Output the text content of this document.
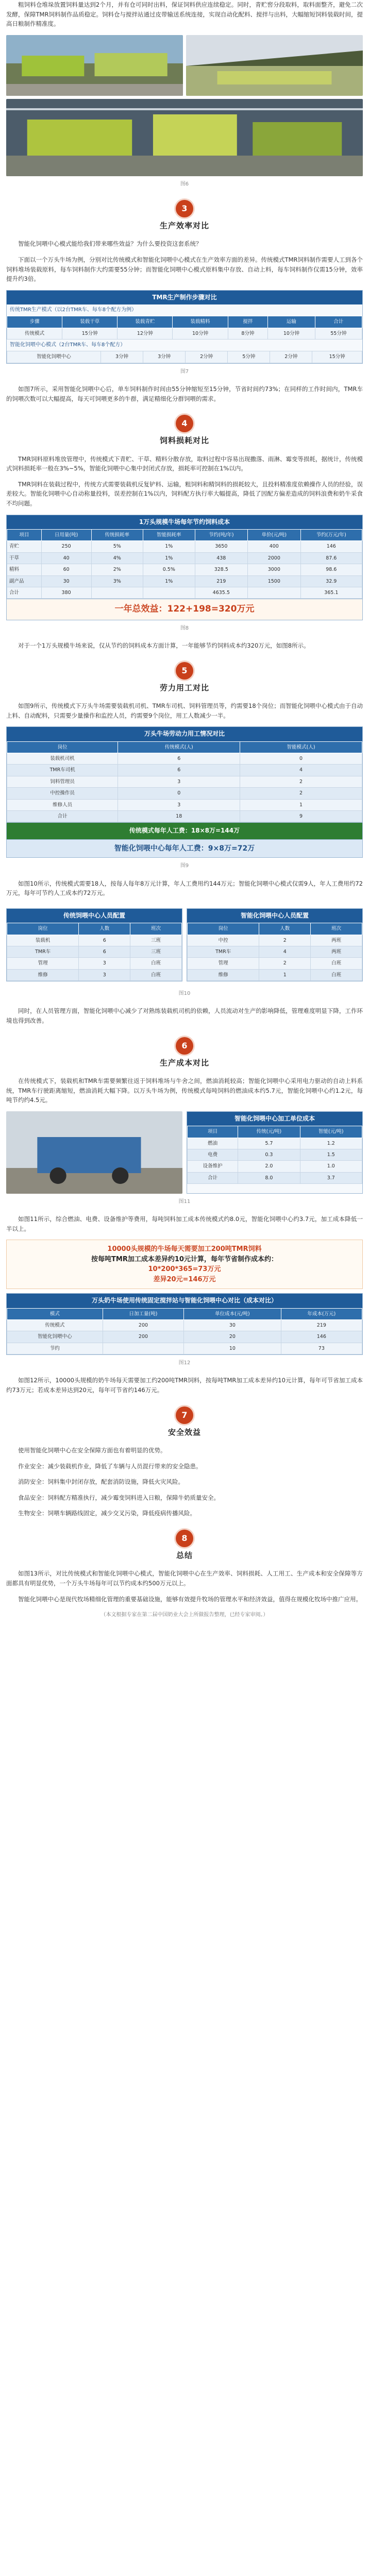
粗饲料仓堆垛放置饲料量达到2个月，并有仓可同时出料，保证饲料供应连续稳定。同时，青贮窖分段取料，取料面整齐，避免二次发酵，保障TMR饲料制作品质稳定。饲料仓与搅拌站通过皮带输送系统连接，实现自动化配料、搅拌与出料，大幅缩短饲料装载时间，提高日粮制作精准度。

图6
3
生产效率对比

智能化饲喂中心模式能给我们带来哪些效益？为什么要投资这套系统？

下面以一个万头牛场为例，分别对比传统模式和智能化饲喂中心模式在生产效率方面的差异。传统模式TMR饲料制作需要人工到各个饲料堆场装载原料，每车饲料制作大约需要55分钟；而智能化饲喂中心模式原料集中存放、自动上料，每车饲料制作仅需15分钟，效率提升约3倍。

TMR生产制作步骤对比
传统TMR生产模式（以2台TMR车、每车8个配方为例）
步骤	装载干草	装载青贮	装载精料	搅拌	运输	合计
传统模式	15分钟	12分钟	10分钟	8分钟	10分钟	55分钟
智能化饲喂中心模式（2台TMR车、每车8个配方）
智能化饲喂中心	3分钟	3分钟	2分钟	5分钟	2分钟	15分钟
图7

如图7所示，采用智能化饲喂中心后，单车饲料制作时间由55分钟缩短至15分钟，节省时间约73%；在同样的工作时间内，TMR车的饲喂次数可以大幅提高，每天可饲喂更多的牛群，满足精细化分群饲喂的需求。

4
饲料损耗对比

TMR饲料原料堆放管理中，传统模式下青贮、干草、精料分散存放，取料过程中容易出现撒落、雨淋、霉变等损耗，据统计，传统模式饲料损耗率一般在3%~5%，智能化饲喂中心集中封闭式存放，损耗率可控制在1%以内。

TMR饲料在装载过程中，传统方式需要装载机反复铲料、运输，粗饲料和精饲料的损耗较大，且投料精准度依赖操作人员的经验，误差较大。智能化饲喂中心自动称量投料，误差控制在1%以内，饲料配方执行率大幅提高，降低了因配方偏差造成的饲料浪费和奶牛采食不均问题。

1万头规模牛场每年节约饲料成本
项目	日用量(吨)	传统损耗率	智能损耗率	节约(吨/年)	单价(元/吨)	节约(万元/年)
青贮	250	5%	1%	3650	400	146
干草	40	4%	1%	438	2000	87.6
精料	60	2%	0.5%	328.5	3000	98.6
副产品	30	3%	1%	219	1500	32.9
合计	380			4635.5		365.1
一年总效益：122+198=320万元
图8

对于一个1万头规模牛场来说，仅从节约的饲料成本方面计算，一年能够节约饲料成本约320万元，如图8所示。

5
劳力用工对比

如图9所示，传统模式下万头牛场需要装载机司机、TMR车司机、饲料管理员等，约需要18个岗位；而智能化饲喂中心模式由于自动上料、自动配料，只需要少量操作和监控人员，约需要9个岗位，用工人数减少一半。

万头牛场劳动力用工情况对比
岗位	传统模式(人)	智能模式(人)
装载机司机	6	0
TMR车司机	6	4
饲料管理员	3	2
中控操作员	0	2
维修人员	3	1
合计	18	9
传统模式每年人工费：18×8万=144万
智能化饲喂中心每年人工费：9×8万=72万
图9

如图10所示，传统模式需要18人，按每人每年8万元计算，年人工费用约144万元；智能化饲喂中心模式仅需9人，年人工费用约72万元，每年可节约人工成本约72万元。

传统饲喂中心人员配置
岗位	人数	班次
装载机	6	三班
TMR车	6	三班
管理	3	白班
维修	3	白班
智能化饲喂中心人员配置
岗位	人数	班次
中控	2	两班
TMR车	4	两班
管理	2	白班
维修	1	白班
图10

同时，在人员管理方面，智能化饲喂中心减少了对熟练装载机司机的依赖，人员流动对生产的影响降低，管理难度明显下降，工作环境也得到改善。

6
生产成本对比

在传统模式下，装载机和TMR车需要频繁往返于饲料堆场与牛舍之间，燃油消耗较高；智能化饲喂中心采用电力驱动的自动上料系统，TMR车行驶距离缩短，燃油消耗大幅下降。以万头牛场为例，传统模式每吨饲料的燃油成本约5.7元，智能化饲喂中心约1.2元，每吨节约约4.5元。

智能化饲喂中心加工单位成本
项目	传统(元/吨)	智能(元/吨)
燃油	5.7	1.2
电费	0.3	1.5
设备维护	2.0	1.0
合计	8.0	3.7
图11

如图11所示，综合燃油、电费、设备维护等费用，每吨饲料加工成本传统模式约8.0元，智能化饲喂中心约3.7元，加工成本降低一半以上。

10000头规模的牛场每天需要加工200吨TMR饲料
按每吨TMR加工成本差异约10元计算，每年节省制作成本约：
10*200*365=73万元
差异20元=146万元
万头奶牛场使用传统固定搅拌站与智能化饲喂中心对比（成本对比）
模式	日加工量(吨)	单位成本(元/吨)	年成本(万元)
传统模式	200	30	219
智能化饲喂中心	200	20	146
节约		10	73
图12

如图12所示，10000头规模的奶牛场每天需要加工约200吨TMR饲料，按每吨TMR加工成本差异约10元计算，每年可节省加工成本约73万元；若成本差异达到20元，每年可节省约146万元。

7
安全效益

使用智能化饲喂中心在安全保障方面也有着明显的优势。

作业安全：减少装载机作业，降低了车辆与人员混行带来的安全隐患。

消防安全：饲料集中封闭存放，配套消防设施，降低火灾风险。

食品安全：饲料配方精准执行，减少霉变饲料进入日粮，保障牛奶质量安全。

生物安全：饲喂车辆路线固定，减少交叉污染，降低疫病传播风险。

8
总结

如图13所示，对比传统模式和智能化饲喂中心模式，智能化饲喂中心在生产效率、饲料损耗、人工用工、生产成本和安全保障等方面都具有明显优势，一个万头牛场每年可以节约成本约500万元以上。

智能化饲喂中心是现代牧场精细化管理的重要基础设施，能够有效提升牧场的管理水平和经济效益，值得在规模化牧场中推广应用。

（本文根据专家在第二届中国奶业大会上所做报告整理，已经专家审阅。）
